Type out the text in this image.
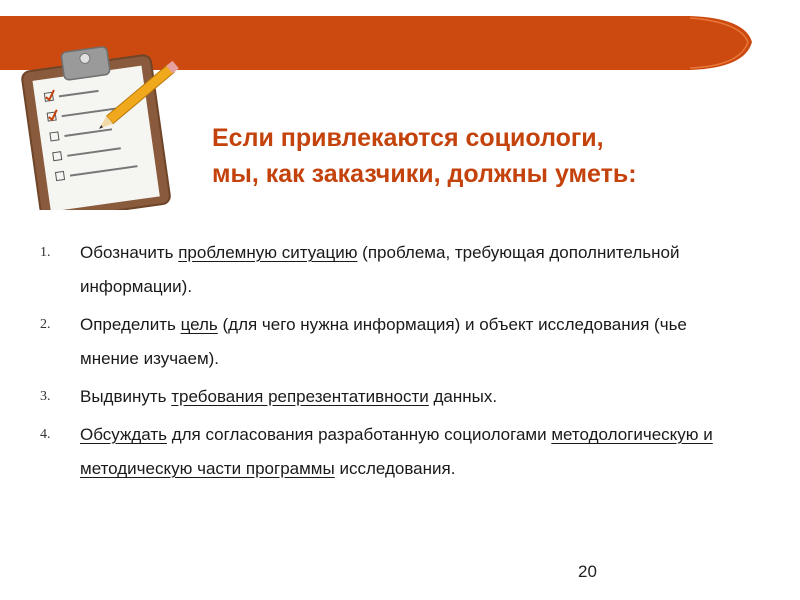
Если привлекаются социологи,
мы, как заказчики, должны уметь:
1.	Обозначить проблемную ситуацию (проблема, требующая дополнительной информации).
2.	Определить цель (для чего нужна информация) и объект исследования (чье мнение изучаем).
3.	Выдвинуть требования репрезентативности данных.
4.	Обсуждать для согласования разработанную социологами методологическую и методическую части программы исследования.
20
